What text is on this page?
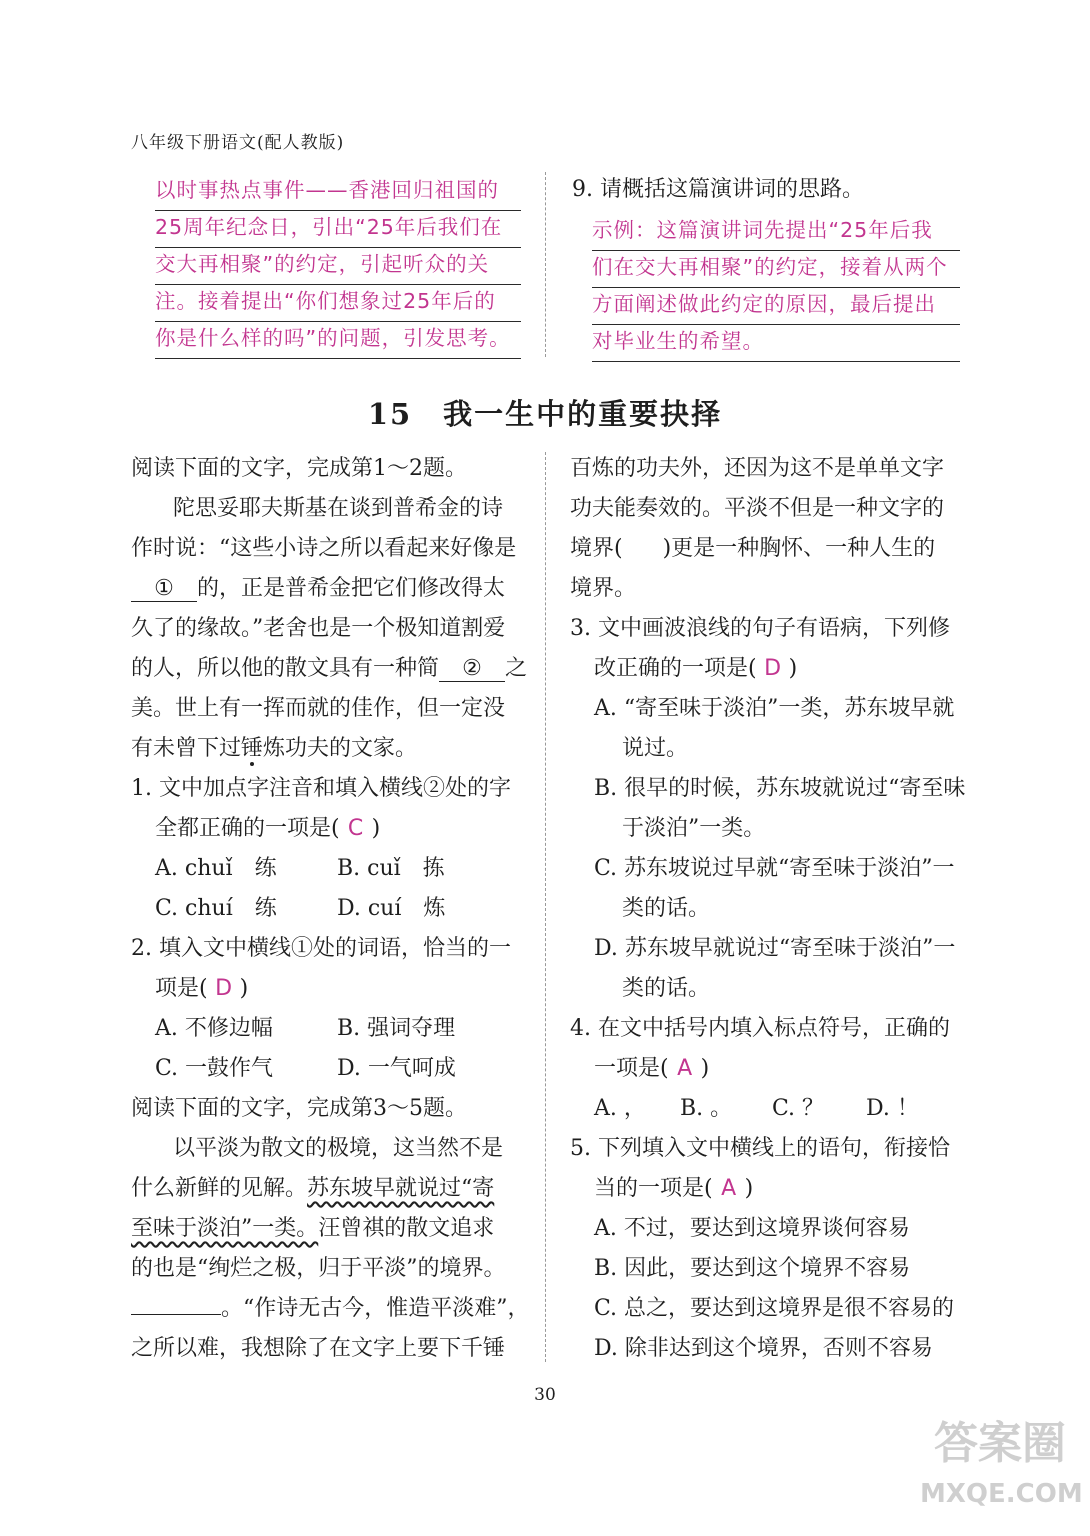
八年级下册语文(配人教版)
以时事热点事件——香港回归祖国的
25周年纪念日，引出“25年后我们在
交大再相聚”的约定，引起听众的关
注。接着提出“你们想象过25年后的
你是什么样的吗”的问题，引发思考。
9. 请概括这篇演讲词的思路。
示例：这篇演讲词先提出“25年后我
们在交大再相聚”的约定，接着从两个
方面阐述做此约定的原因，最后提出
对毕业生的希望。
15　我一生中的重要抉择
阅读下面的文字，完成第1～2题。
陀思妥耶夫斯基在谈到普希金的诗
作时说：“这些小诗之所以看起来好像是
① 的，正是普希金把它们修改得太
久了的缘故。”老舍也是一个极知道割爱
的人，所以他的散文具有一种简 ② 之
美。世上有一挥而就的佳作，但一定没
有未曾下过锤炼功夫的文家。
1. 文中加点字注音和填入横线②处的字
全都正确的一项是( C )
A. chuǐ　练	B. cuǐ　拣
C. chuí　练	D. cuí　炼
2. 填入文中横线①处的词语，恰当的一
项是( D )
A. 不修边幅	B. 强词夺理
C. 一鼓作气	D. 一气呵成
阅读下面的文字，完成第3～5题。
以平淡为散文的极境，这当然不是
什么新鲜的见解。苏东坡早就说过“寄
至味于淡泊”一类。汪曾祺的散文追求
的也是“绚烂之极，归于平淡”的境界。
。“作诗无古今，惟造平淡难”，
之所以难，我想除了在文字上要下千锤
百炼的功夫外，还因为这不是单单文字
功夫能奏效的。平淡不但是一种文字的
境界( )更是一种胸怀、一种人生的
境界。
3. 文中画波浪线的句子有语病，下列修
改正确的一项是( D )
A. “寄至味于淡泊”一类，苏东坡早就
说过。
B. 很早的时候，苏东坡就说过“寄至味
于淡泊”一类。
C. 苏东坡说过早就“寄至味于淡泊”一
类的话。
D. 苏东坡早就说过“寄至味于淡泊”一
类的话。
4. 在文中括号内填入标点符号，正确的
一项是( A )
A. ， B. 。 C. ？ D. ！
5. 下列填入文中横线上的语句，衔接恰
当的一项是( A )
A. 不过，要达到这境界谈何容易
B. 因此，要达到这个境界不容易
C. 总之，要达到这境界是很不容易的
D. 除非达到这个境界，否则不容易
30
答案圈
MXQE.COM
